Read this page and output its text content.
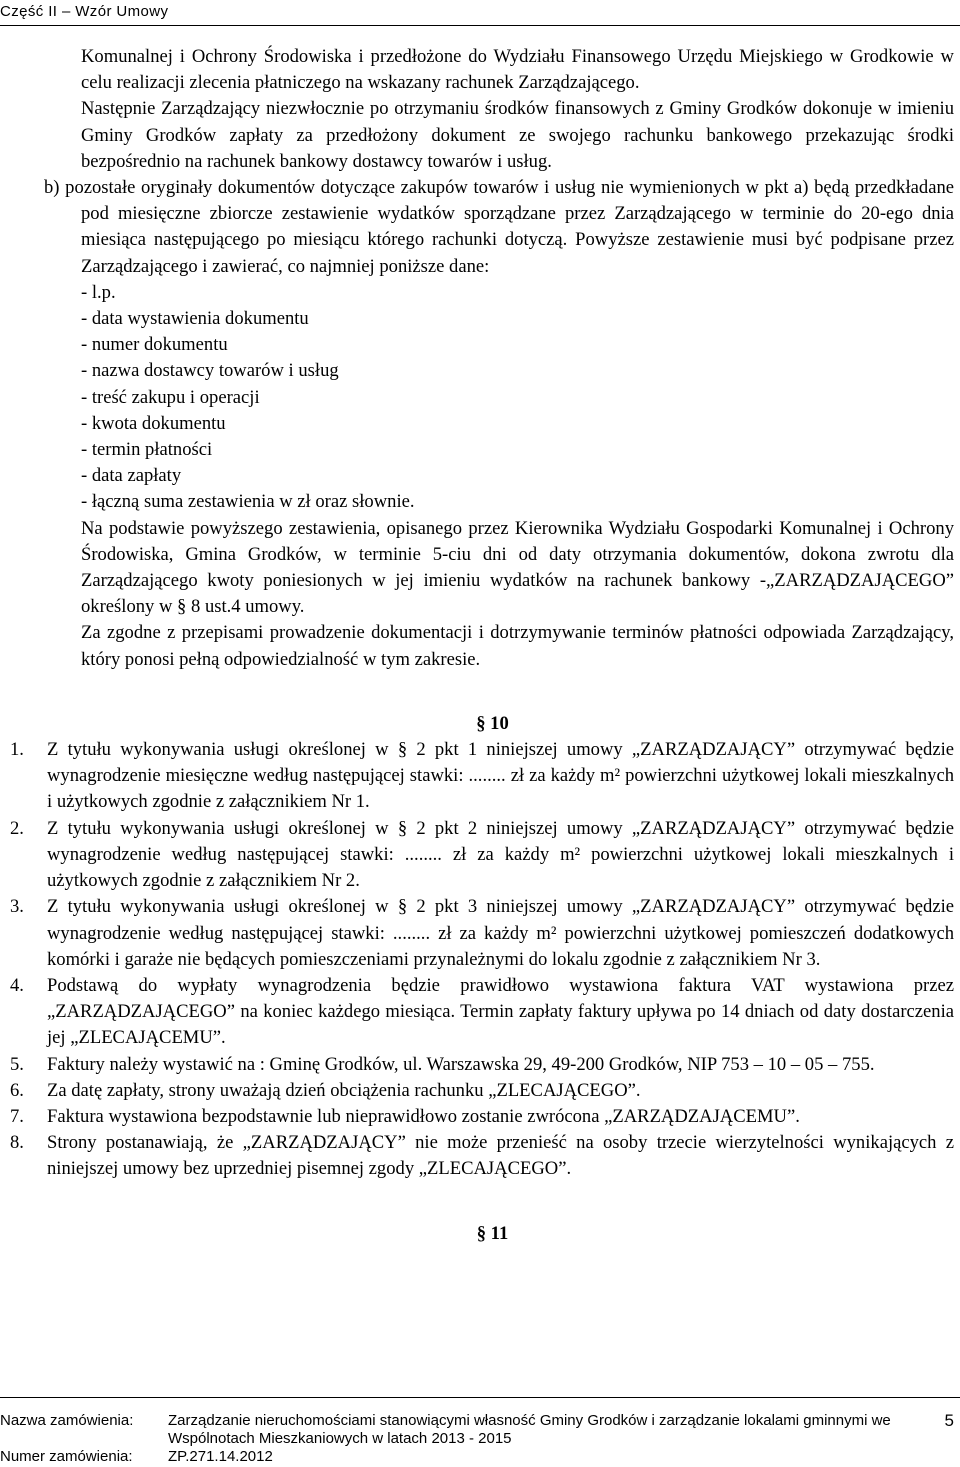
Część II – Wzór Umowy

Komunalnej i Ochrony Środowiska i przedłożone do Wydziału Finansowego Urzędu Miejskiego w Grodkowie w celu realizacji zlecenia płatniczego na wskazany rachunek Zarządzającego.

Następnie Zarządzający niezwłocznie po otrzymaniu środków finansowych z Gminy Grodków dokonuje w imieniu Gminy Grodków zapłaty za przedłożony dokument ze swojego rachunku bankowego przekazując środki bezpośrednio na rachunek bankowy dostawcy towarów i usług.

b) pozostałe oryginały dokumentów dotyczące zakupów towarów i usług nie wymienionych w pkt a) będą przedkładane pod miesięczne zbiorcze zestawienie wydatków sporządzane przez Zarządzającego w terminie do 20-ego dnia miesiąca następującego po miesiącu którego rachunki dotyczą. Powyższe zestawienie musi być podpisane przez Zarządzającego i zawierać, co najmniej poniższe dane:

- l.p.

- data wystawienia dokumentu

- numer dokumentu

- nazwa dostawcy towarów i usług

- treść zakupu i operacji

- kwota dokumentu

- termin płatności

- data zapłaty

- łączną suma zestawienia w zł oraz słownie.

Na podstawie powyższego zestawienia, opisanego przez Kierownika Wydziału Gospodarki Komunalnej i Ochrony Środowiska, Gmina Grodków, w terminie 5-ciu dni od daty otrzymania dokumentów, dokona zwrotu dla Zarządzającego kwoty poniesionych w jej imieniu wydatków na rachunek bankowy -„ZARZĄDZAJĄCEGO” określony w § 8 ust.4 umowy.

Za zgodne z przepisami prowadzenie dokumentacji i dotrzymywanie terminów płatności odpowiada Zarządzający, który ponosi pełną odpowiedzialność w tym zakresie.

§ 10

1. Z tytułu wykonywania usługi określonej w § 2 pkt 1 niniejszej umowy „ZARZĄDZAJĄCY” otrzymywać będzie wynagrodzenie miesięczne według następującej stawki: ........ zł za każdy m² powierzchni użytkowej lokali mieszkalnych i użytkowych zgodnie z załącznikiem Nr 1.
2. Z tytułu wykonywania usługi określonej w § 2 pkt 2 niniejszej umowy „ZARZĄDZAJĄCY” otrzymywać będzie wynagrodzenie według następującej stawki: ........ zł za każdy m² powierzchni użytkowej lokali mieszkalnych i użytkowych zgodnie z załącznikiem Nr 2.
3. Z tytułu wykonywania usługi określonej w § 2 pkt 3 niniejszej umowy „ZARZĄDZAJĄCY” otrzymywać będzie wynagrodzenie według następującej stawki: ........ zł za każdy m² powierzchni użytkowej pomieszczeń dodatkowych komórki i garaże nie będących pomieszczeniami przynależnymi do lokalu zgodnie z załącznikiem Nr 3.
4. Podstawą do wypłaty wynagrodzenia będzie prawidłowo wystawiona faktura VAT wystawiona przez „ZARZĄDZAJĄCEGO” na koniec każdego miesiąca. Termin zapłaty faktury upływa po 14 dniach od daty dostarczenia jej „ZLECAJĄCEMU”.
5. Faktury należy wystawić na : Gminę Grodków, ul. Warszawska 29, 49-200 Grodków, NIP 753 – 10 – 05 – 755.
6. Za datę zapłaty, strony uważają dzień obciążenia rachunku „ZLECAJĄCEGO”.
7. Faktura wystawiona bezpodstawnie lub nieprawidłowo zostanie zwrócona „ZARZĄDZAJĄCEMU”.
8. Strony postanawiają, że „ZARZĄDZAJĄCY” nie może przenieść na osoby trzecie wierzytelności wynikających z niniejszej umowy bez uprzedniej pisemnej zgody „ZLECAJĄCEGO”.

§ 11

Nazwa zamówienia: Zarządzanie nieruchomościami stanowiącymi własność Gminy Grodków i zarządzanie lokalami gminnymi we Wspólnotach Mieszkaniowych w latach 2013 - 2015
5
Numer zamówienia: ZP.271.14.2012
